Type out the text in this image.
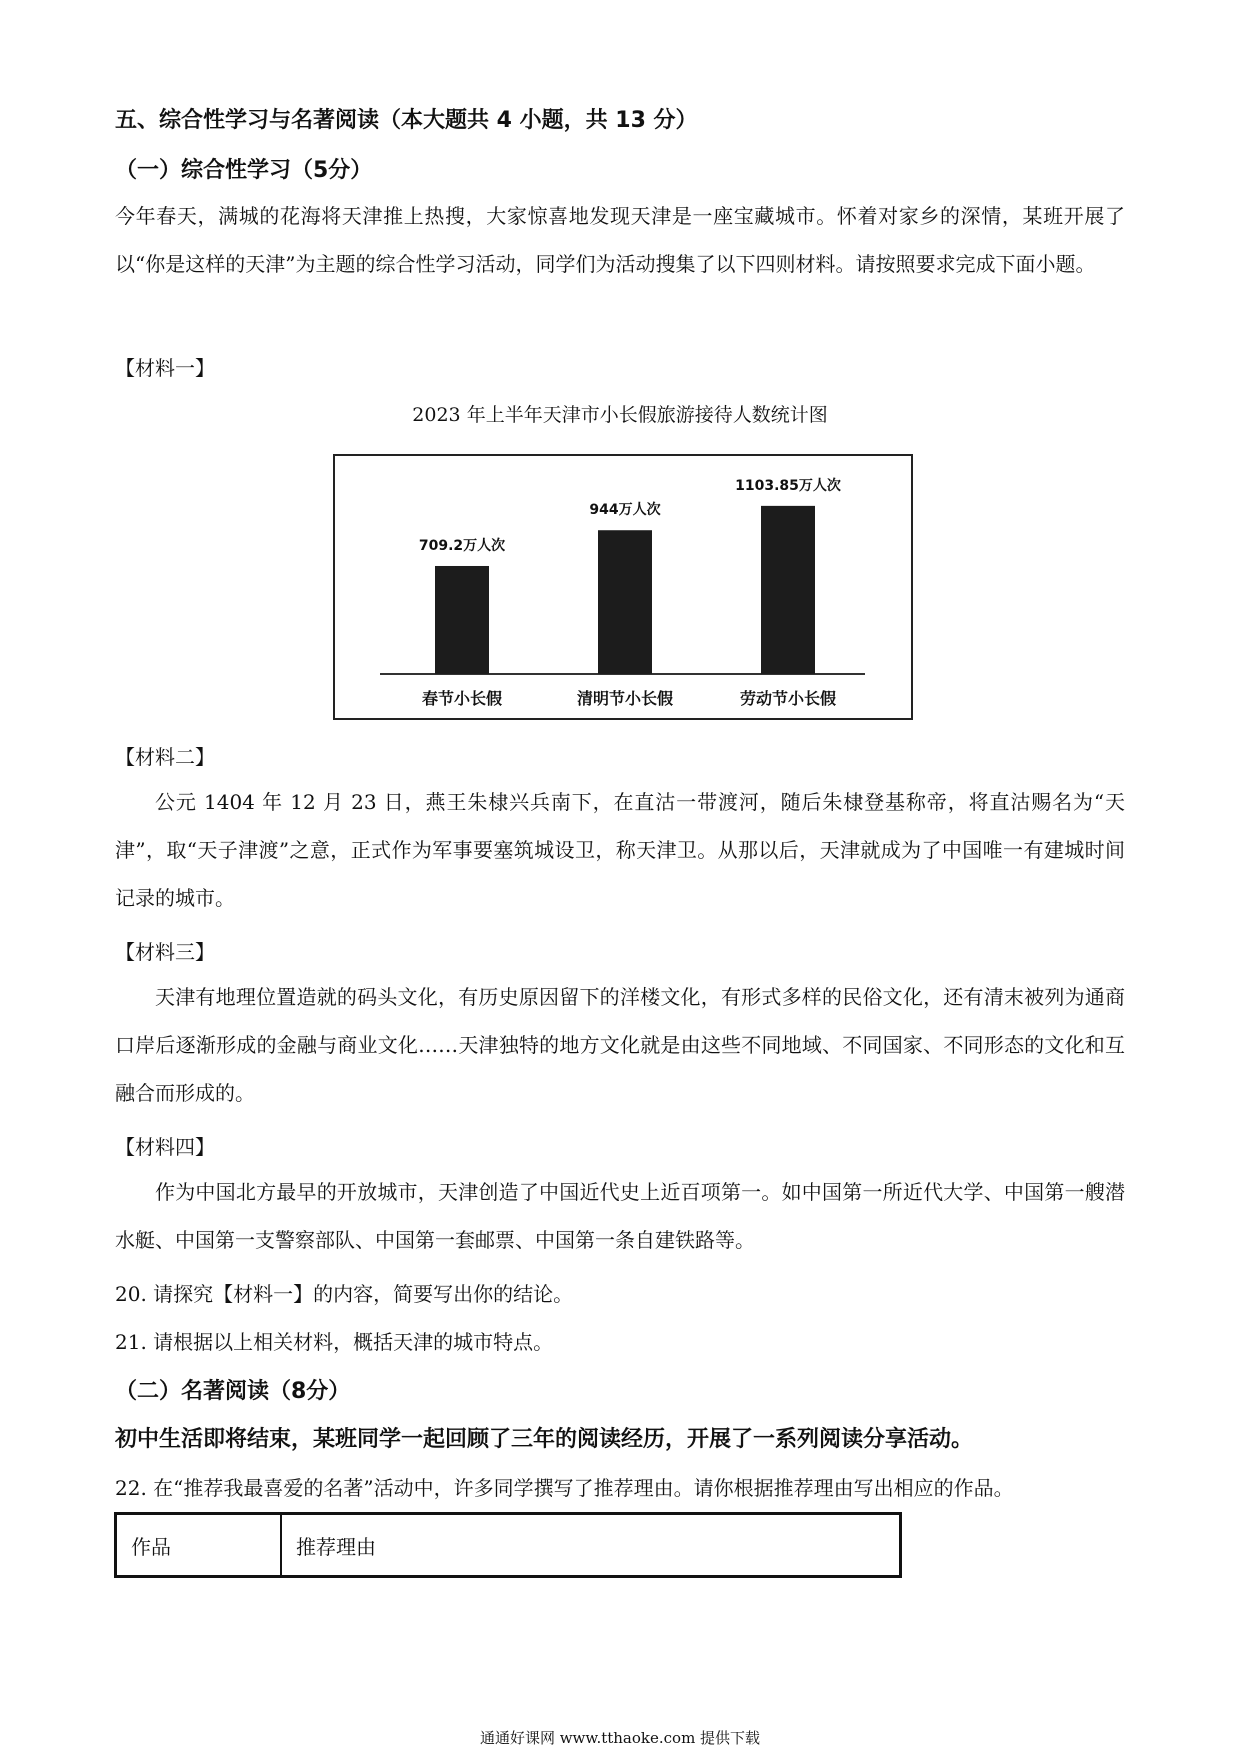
五、综合性学习与名著阅读（本大题共 4 小题，共 13 分）
（一）综合性学习（5分）
今年春天，满城的花海将天津推上热搜，大家惊喜地发现天津是一座宝藏城市。怀着对家乡的深情，某班开展了以“你是这样的天津”为主题的综合性学习活动，同学们为活动搜集了以下四则材料。请按照要求完成下面小题。
【材料一】
2023 年上半年天津市小长假旅游接待人数统计图
709.2万人次
春节小长假
944万人次
清明节小长假
1103.85万人次
劳动节小长假
【材料二】
公元 1404 年 12 月 23 日，燕王朱棣兴兵南下，在直沽一带渡河，随后朱棣登基称帝，将直沽赐名为“天津”，取“天子津渡”之意，正式作为军事要塞筑城设卫，称天津卫。从那以后，天津就成为了中国唯一有建城时间记录的城市。
【材料三】
天津有地理位置造就的码头文化，有历史原因留下的洋楼文化，有形式多样的民俗文化，还有清末被列为通商口岸后逐渐形成的金融与商业文化……天津独特的地方文化就是由这些不同地域、不同国家、不同形态的文化和互融合而形成的。
【材料四】
作为中国北方最早的开放城市，天津创造了中国近代史上近百项第一。如中国第一所近代大学、中国第一艘潜水艇、中国第一支警察部队、中国第一套邮票、中国第一条自建铁路等。
20. 请探究【材料一】的内容，简要写出你的结论。
21. 请根据以上相关材料，概括天津的城市特点。
（二）名著阅读（8分）
初中生活即将结束，某班同学一起回顾了三年的阅读经历，开展了一系列阅读分享活动。
22. 在“推荐我最喜爱的名著”活动中，许多同学撰写了推荐理由。请你根据推荐理由写出相应的作品。
作品	推荐理由
通通好课网 www.tthaoke.com 提供下载
